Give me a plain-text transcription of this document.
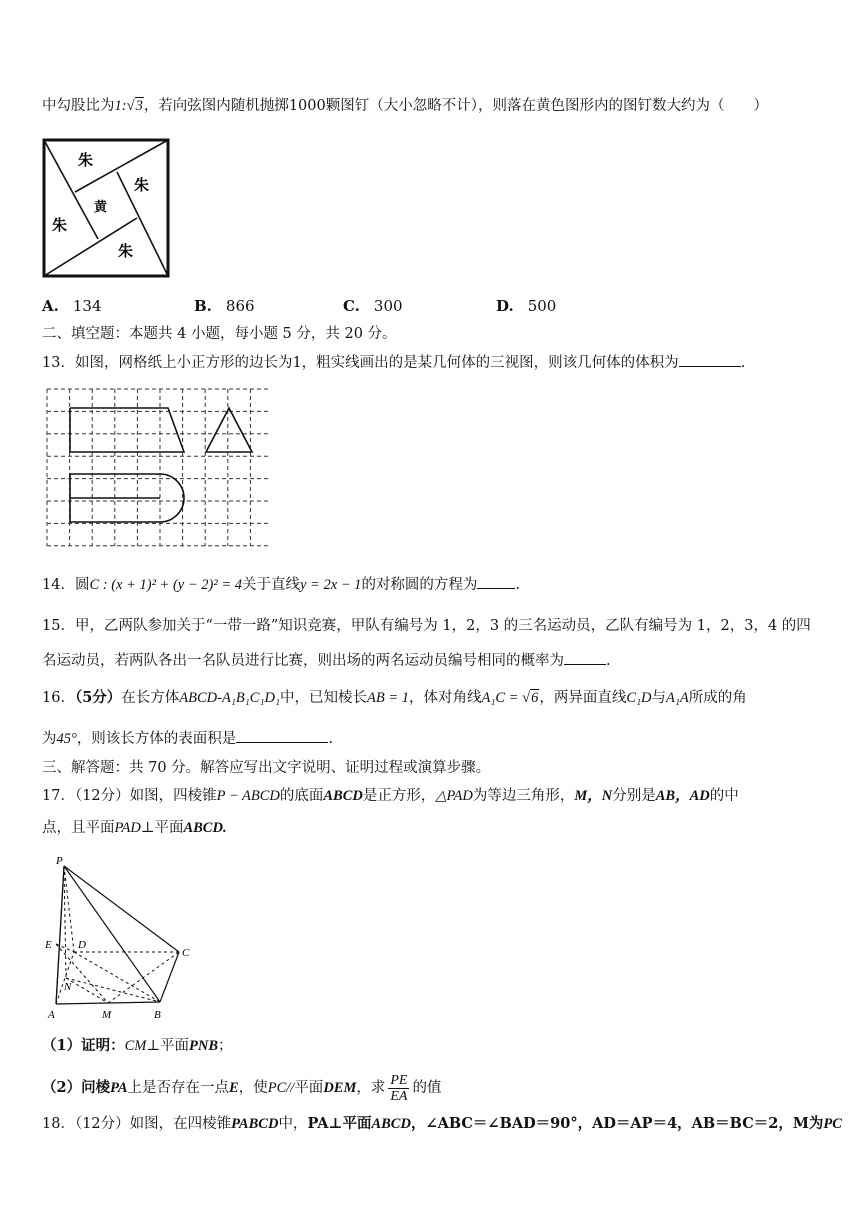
中勾股比为1:√3，若向弦图内随机抛掷1000颗图钉（大小忽略不计），则落在黄色图形内的图钉数大约为（　　）
朱
朱
黄
朱
朱
A. 134	B. 866	C. 300	D. 500
二、填空题：本题共 4 小题，每小题 5 分，共 20 分。
13．如图，网格纸上小正方形的边长为1，粗实线画出的是某几何体的三视图，则该几何体的体积为	.
14．圆C : (x + 1)² + (y − 2)² = 4关于直线y = 2x − 1的对称圆的方程为	.
15．甲，乙两队参加关于“一带一路”知识竞赛，甲队有编号为 1，2，3 的三名运动员，乙队有编号为 1，2，3，4 的四
名运动员，若两队各出一名队员进行比赛，则出场的两名运动员编号相同的概率为	.
16．（5分）在长方体ABCD-A₁B₁C₁D₁中，已知棱长AB = 1，体对角线A₁C = √6，两异面直线C₁D与A₁A所成的角
为45°，则该长方体的表面积是	.
三、解答题：共 70 分。解答应写出文字说明、证明过程或演算步骤。
17．（12分）如图，四棱锥P − ABCD的底面ABCD是正方形，△PAD为等边三角形，M，N分别是AB，AD的中
点，且平面PAD⊥平面ABCD.
P
E D
C
N
A	M	B
（1）证明：CM⊥平面PNB；
（2）问棱PA上是否存在一点E，使PC//平面DEM，求 $\frac{PE}{EA}$ 的值
18．（12分）如图，在四棱锥PABCD中，PA⊥平面ABCD，∠ABC＝∠BAD＝90°，AD＝AP＝4，AB＝BC＝2，M为PC
